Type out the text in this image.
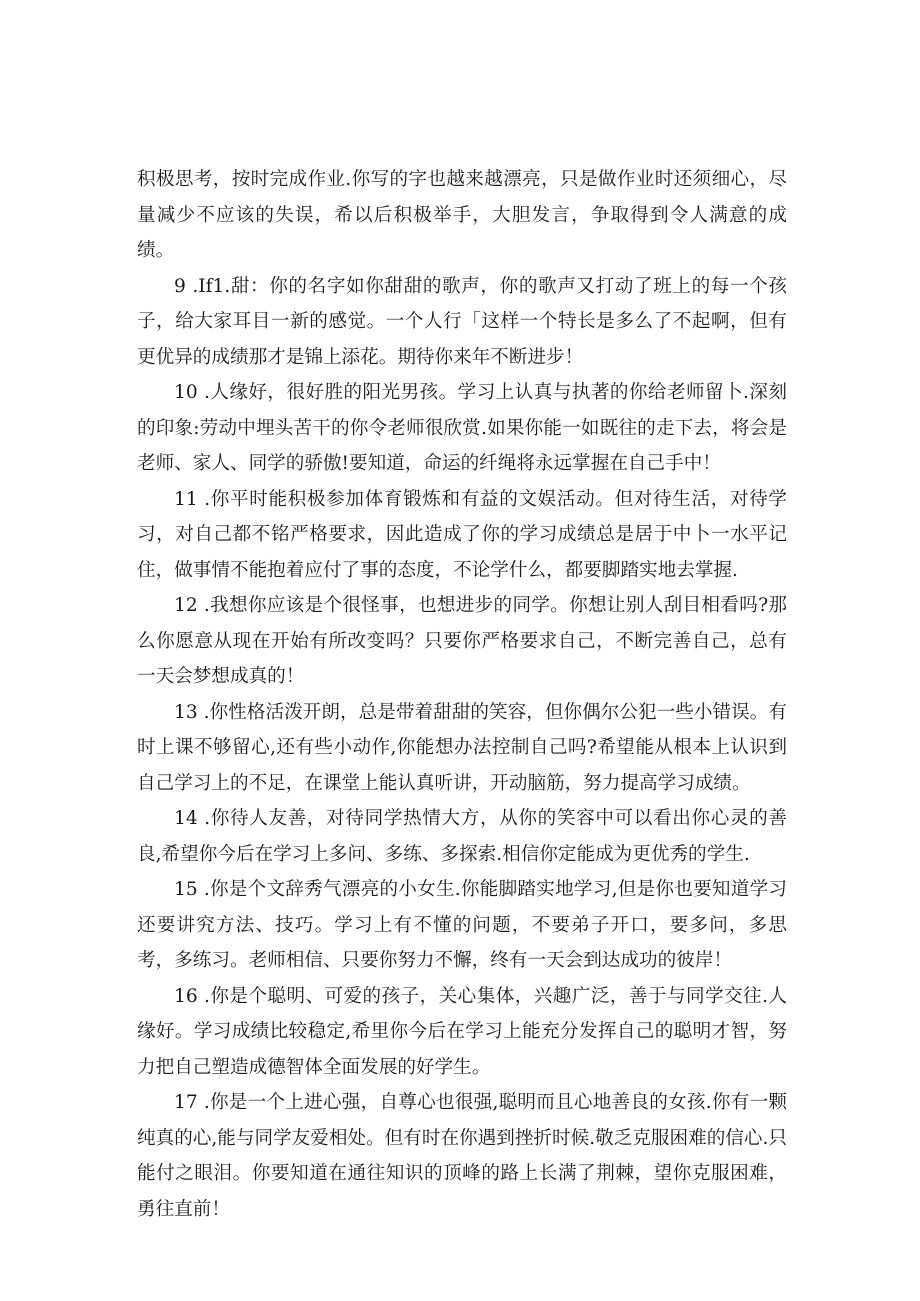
积极思考，按时完成作业.你写的字也越来越漂亮，只是做作业时还须细心，尽量减少不应该的失误，希以后积极举手，大胆发言，争取得到令人满意的成绩。

9 .If1.甜：你的名字如你甜甜的歌声，你的歌声又打动了班上的每一个孩子，给大家耳目一新的感觉。一个人行「这样一个特长是多么了不起啊，但有更优异的成绩那才是锦上添花。期待你来年不断进步！

10 .人缘好，很好胜的阳光男孩。学习上认真与执著的你给老师留卜.深刻的印象:劳动中埋头苦干的你令老师很欣赏.如果你能一如既往的走下去，将会是老师、家人、同学的骄傲!要知道，命运的纤绳将永远掌握在自己手中！

11 .你平时能积极参加体育锻炼和有益的文娱活动。但对待生活，对待学习，对自己都不铭严格要求，因此造成了你的学习成绩总是居于中卜一水平记住，做事情不能抱着应付了事的态度，不论学什么，都要脚踏实地去掌握.

12 .我想你应该是个很怪事，也想进步的同学。你想让别人刮目相看吗?那么你愿意从现在开始有所改变吗？只要你严格要求自己，不断完善自己，总有一天会梦想成真的！

13 .你性格活泼开朗，总是带着甜甜的笑容，但你偶尔公犯一些小错误。有时上课不够留心,还有些小动作,你能想办法控制自己吗?希望能从根本上认识到自己学习上的不足，在课堂上能认真听讲，开动脑筋，努力提高学习成绩。

14 .你待人友善，对待同学热情大方，从你的笑容中可以看出你心灵的善良,希望你今后在学习上多问、多练、多探索.相信你定能成为更优秀的学生.

15 .你是个文辞秀气漂亮的小女生.你能脚踏实地学习,但是你也要知道学习还要讲究方法、技巧。学习上有不懂的问题，不要弟子开口，要多问，多思考，多练习。老师相信、只要你努力不懈，终有一天会到达成功的彼岸！

16 .你是个聪明、可爱的孩子，关心集体，兴趣广泛，善于与同学交往.人缘好。学习成绩比较稳定,希里你今后在学习上能充分发挥自己的聪明才智，努力把自己塑造成德智体全面发展的好学生。

17 .你是一个上进心强，自尊心也很强,聪明而且心地善良的女孩.你有一颗纯真的心,能与同学友爱相处。但有时在你遇到挫折时候.敬乏克服困难的信心.只能付之眼泪。你要知道在通往知识的顶峰的路上长满了荆棘，望你克服困难，勇往直前！
